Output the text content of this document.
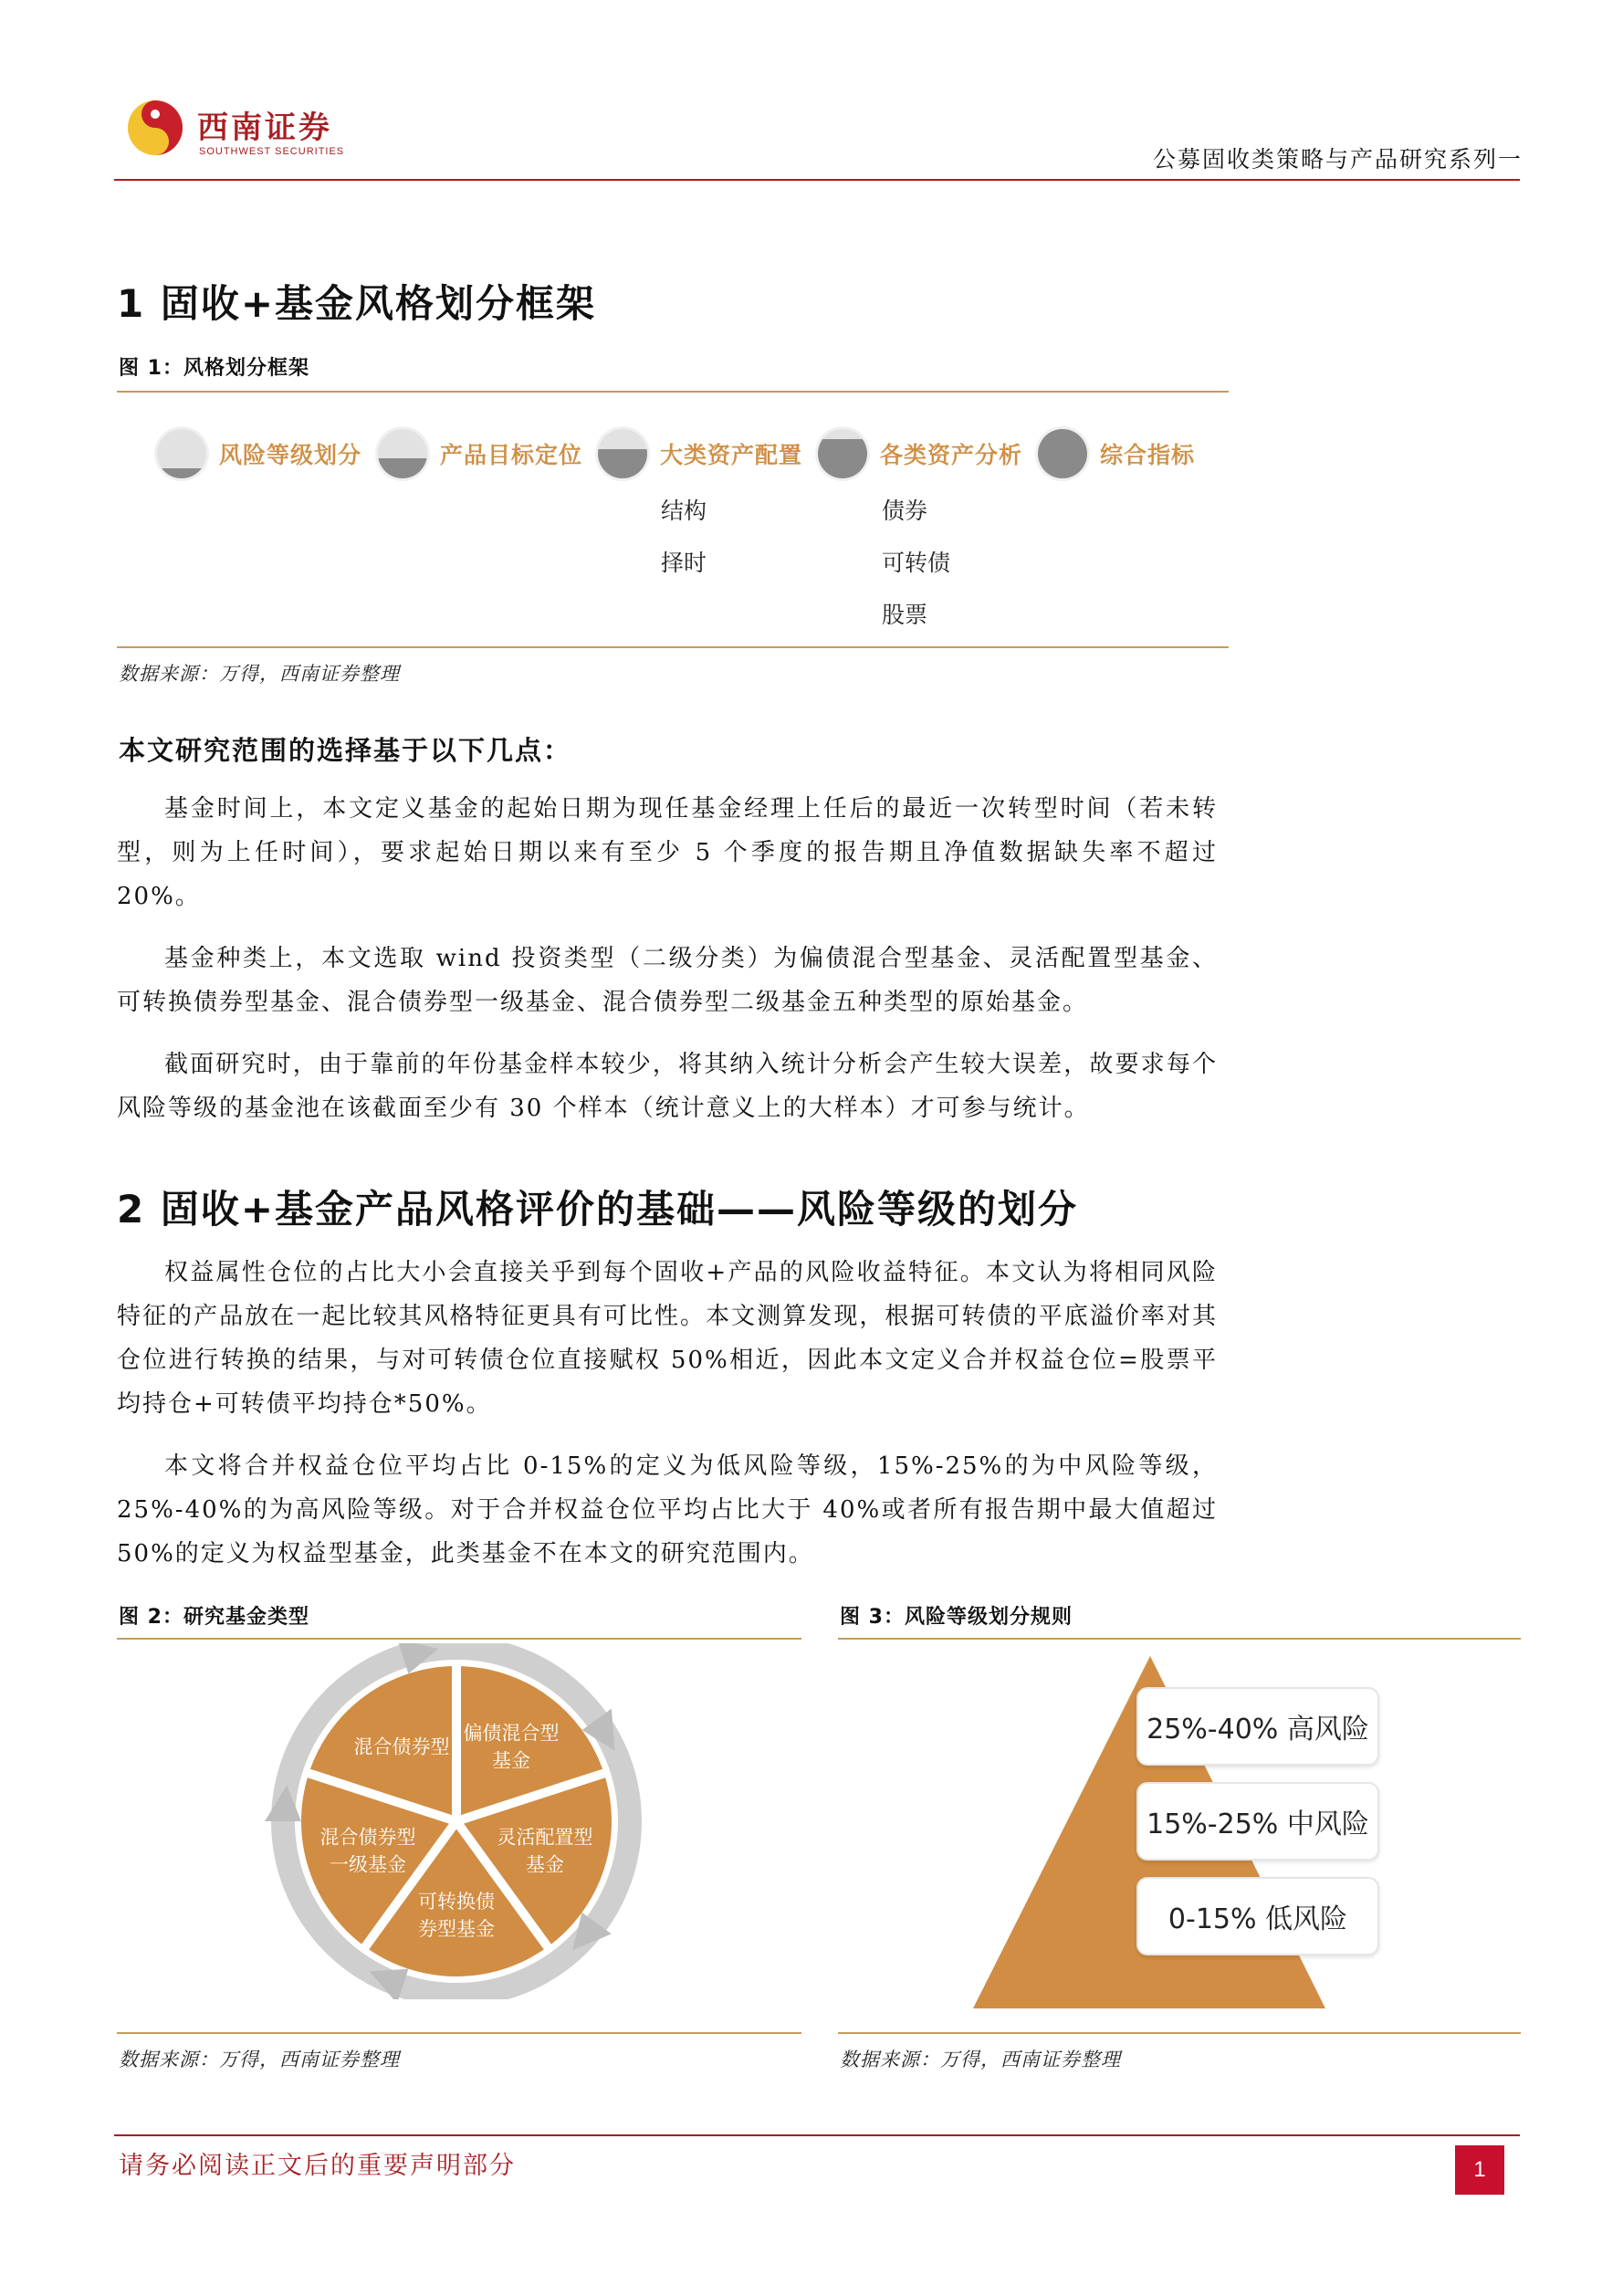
西南证券
SOUTHWEST SECURITIES	公募固收类策略与产品研究系列一
1 固收+基金风格划分框架
图 1：风格划分框架
风险等级划分	产品目标定位	大类资产配置	各类资产分析	综合指标
结构
择时
债券
可转债
股票
数据来源：万得，西南证券整理
本文研究范围的选择基于以下几点：

基金时间上，本文定义基金的起始日期为现任基金经理上任后的最近一次转型时间（若未转型，则为上任时间），要求起始日期以来有至少 5 个季度的报告期且净值数据缺失率不超过 20%。

基金种类上，本文选取 wind 投资类型（二级分类）为偏债混合型基金、灵活配置型基金、可转换债券型基金、混合债券型一级基金、混合债券型二级基金五种类型的原始基金。

截面研究时，由于靠前的年份基金样本较少，将其纳入统计分析会产生较大误差，故要求每个风险等级的基金池在该截面至少有 30 个样本（统计意义上的大样本）才可参与统计。

2 固收+基金产品风格评价的基础——风险等级的划分

权益属性仓位的占比大小会直接关乎到每个固收+产品的风险收益特征。本文认为将相同风险特征的产品放在一起比较其风格特征更具有可比性。本文测算发现，根据可转债的平底溢价率对其仓位进行转换的结果，与对可转债仓位直接赋权 50%相近，因此本文定义合并权益仓位=股票平均持仓+可转债平均持仓*50%。

本文将合并权益仓位平均占比 0-15%的定义为低风险等级，15%-25%的为中风险等级，25%-40%的为高风险等级。对于合并权益仓位平均占比大于 40%或者所有报告期中最大值超过 50%的定义为权益型基金，此类基金不在本文的研究范围内。

图 2：研究基金类型
偏债混合型
基金
灵活配置型
基金
可转换债
券型基金
混合债券型
一级基金
混合债券型
数据来源：万得，西南证券整理
图 3：风险等级划分规则
25%-40% 高风险
15%-25% 中风险
0-15% 低风险
数据来源：万得，西南证券整理
请务必阅读正文后的重要声明部分	1
